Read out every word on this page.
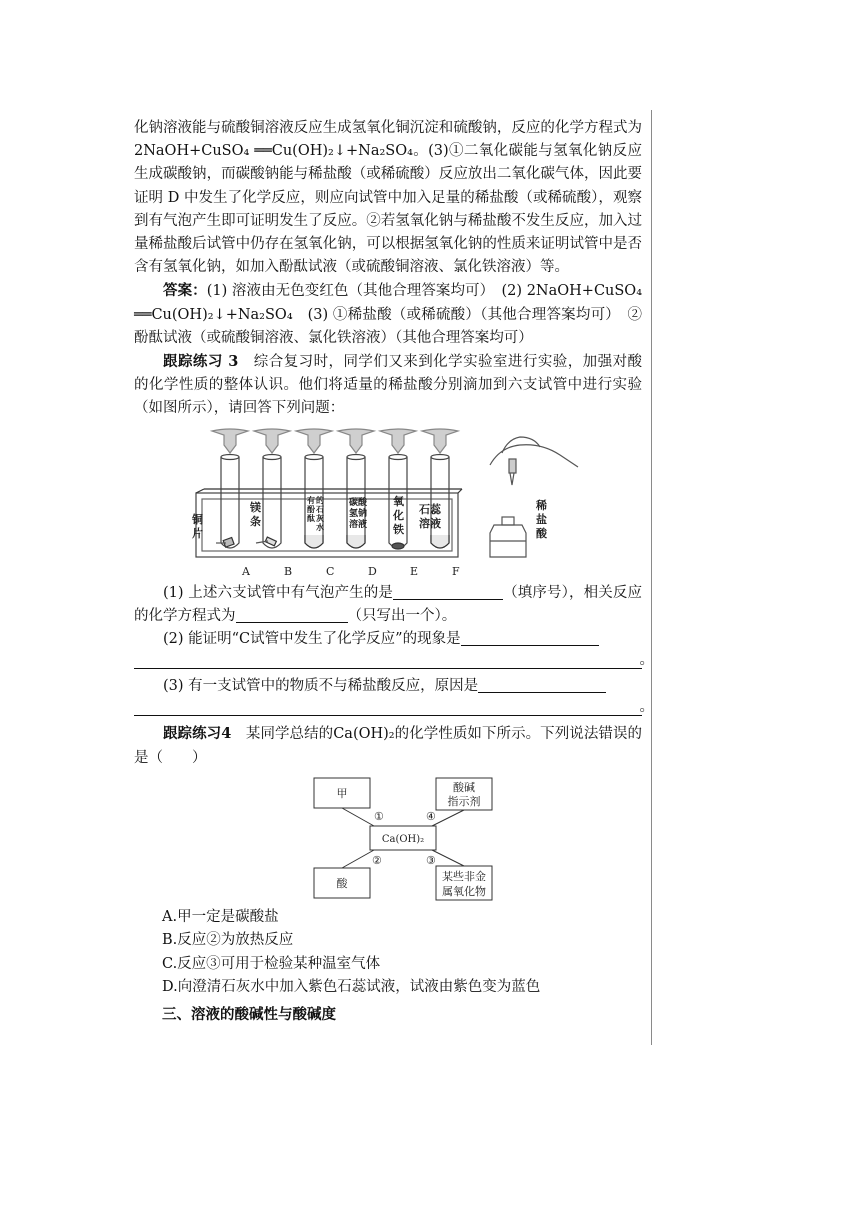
化钠溶液能与硫酸铜溶液反应生成氢氧化铜沉淀和硫酸钠，反应的化学方程式为 2NaOH+CuSO₄ ══Cu(OH)₂↓+Na₂SO₄。(3)①二氧化碳能与氢氧化钠反应生成碳酸钠，而碳酸钠能与稀盐酸（或稀硫酸）反应放出二氧化碳气体，因此要证明 D 中发生了化学反应，则应向试管中加入足量的稀盐酸（或稀硫酸），观察到有气泡产生即可证明发生了反应。②若氢氧化钠与稀盐酸不发生反应，加入过量稀盐酸后试管中仍存在氢氧化钠，可以根据氢氧化钠的性质来证明试管中是否含有氢氧化钠，如加入酚酞试液（或硫酸铜溶液、氯化铁溶液）等。

答案：(1) 溶液由无色变红色（其他合理答案均可）　(2) 2NaOH+CuSO₄ ══Cu(OH)₂↓+Na₂SO₄　(3) ①稀盐酸（或稀硫酸）（其他合理答案均可）　②酚酞试液（或硫酸铜溶液、氯化铁溶液）（其他合理答案均可）

跟踪练习 3　 综合复习时，同学们又来到化学实验室进行实验，加强对酸的化学性质的整体认识。他们将适量的稀盐酸分别滴加到六支试管中进行实验（如图所示），请回答下列问题：

A	B	C	D	E	F
铜
片
镁
条
有
酚
酞
的
石
灰
水
碳酸
氢钠
溶液
氧
化
铁
石蕊
溶液
稀
盐
酸

(1) 上述六支试管中有气泡产生的是	（填序号），相关反应的化学方程式为	（只写出一个）。

(2) 能证明“C试管中发生了化学反应”的现象是

。

(3) 有一支试管中的物质不与稀盐酸反应，原因是

。

跟踪练习4　 某同学总结的Ca(OH)₂的化学性质如下所示。下列说法错误的是（　　）

甲	酸碱
指示剂
Ca(OH)₂
酸
某些非金
属氧化物
①	④
②	③

A.甲一定是碳酸盐

B.反应②为放热反应

C.反应③可用于检验某种温室气体

D.向澄清石灰水中加入紫色石蕊试液，试液由紫色变为蓝色

三、溶液的酸碱性与酸碱度
